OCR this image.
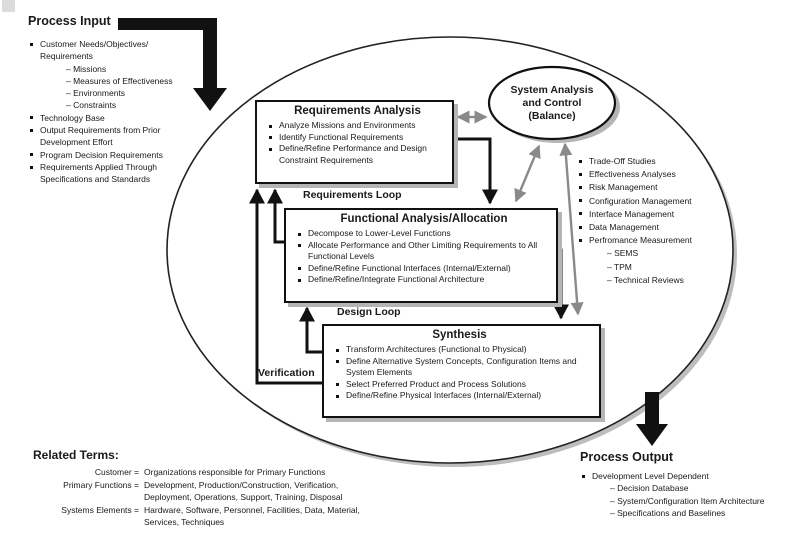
Process Input
Customer Needs/Objectives/ Requirements
– Missions
– Measures of Effectiveness
– Environments
– Constraints
Technology Base
Output Requirements from Prior Development Effort
Program Decision Requirements
Requirements Applied Through Specifications and Standards
Requirements Analysis
Analyze Missions and Environments
Identify Functional Requirements
Define/Refine Performance and Design Constraint Requirements
Functional Analysis/Allocation
Decompose to Lower-Level Functions
Allocate Performance and Other Limiting Requirements to All Functional Levels
Define/Refine Functional Interfaces (Internal/External)
Define/Refine/Integrate Functional Architecture
Synthesis
Transform Architectures (Functional to Physical)
Define Alternative System Concepts, Configuration Items and System Elements
Select Preferred Product and Process Solutions
Define/Refine Physical Interfaces (Internal/External)
System Analysis
and Control
(Balance)
Trade-Off Studies
Effectiveness Analyses
Risk Management
Configuration Management
Interface Management
Data Management
Perfromance Measurement
– SEMS
– TPM
– Technical Reviews
Requirements Loop
Design Loop
Verification
Process Output
Development Level Dependent
– Decision Database
– System/Configuration Item Architecture
– Specifications and Baselines
Related Terms:
Customer = Organizations responsible for Primary Functions
Primary Functions = Development, Production/Construction, Verification, Deployment, Operations, Support, Training, Disposal
Systems Elements = Hardware, Software, Personnel, Facilities, Data, Material, Services, Techniques
